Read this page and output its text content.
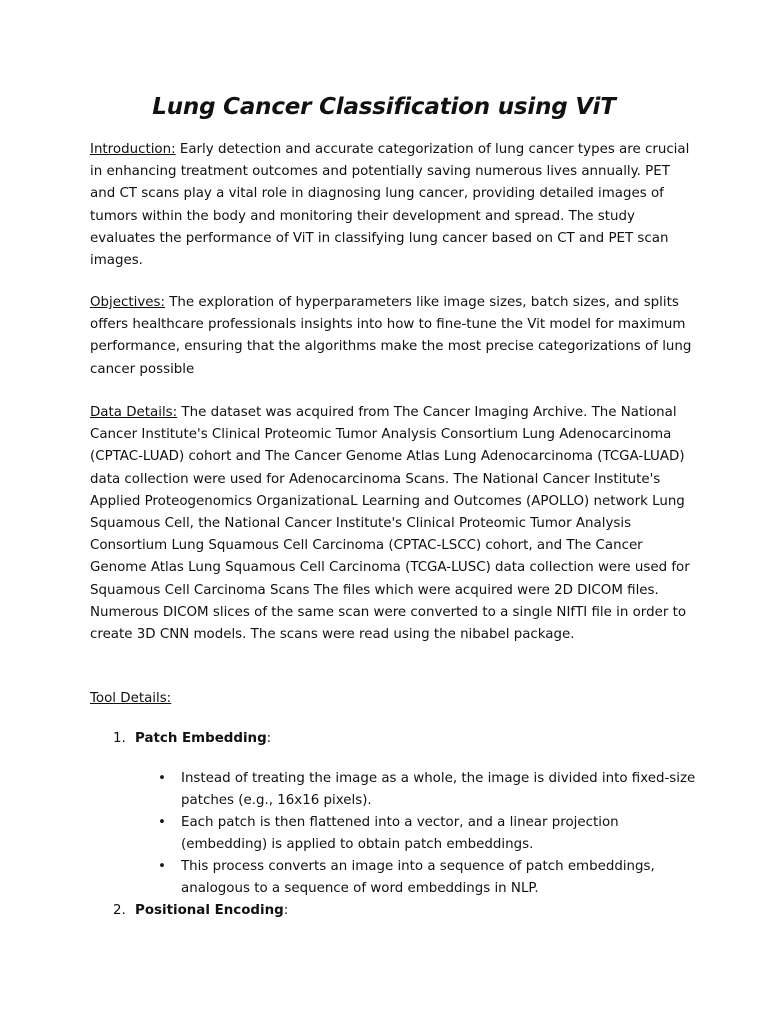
Lung Cancer Classification using ViT
Introduction: Early detection and accurate categorization of lung cancer types are crucial in enhancing treatment outcomes and potentially saving numerous lives annually. PET and CT scans play a vital role in diagnosing lung cancer, providing detailed images of tumors within the body and monitoring their development and spread. The study evaluates the performance of ViT in classifying lung cancer based on CT and PET scan images.
Objectives: The exploration of hyperparameters like image sizes, batch sizes, and splits offers healthcare professionals insights into how to fine-tune the Vit model for maximum performance, ensuring that the algorithms make the most precise categorizations of lung cancer possible
Data Details: The dataset was acquired from The Cancer Imaging Archive. The National Cancer Institute's Clinical Proteomic Tumor Analysis Consortium Lung Adenocarcinoma (CPTAC-LUAD) cohort and The Cancer Genome Atlas Lung Adenocarcinoma (TCGA-LUAD) data collection were used for Adenocarcinoma Scans. The National Cancer Institute's Applied Proteogenomics OrganizationaL Learning and Outcomes (APOLLO) network Lung Squamous Cell, the National Cancer Institute's Clinical Proteomic Tumor Analysis Consortium Lung Squamous Cell Carcinoma (CPTAC-LSCC) cohort, and The Cancer Genome Atlas Lung Squamous Cell Carcinoma (TCGA-LUSC) data collection were used for Squamous Cell Carcinoma Scans The files which were acquired were 2D DICOM files. Numerous DICOM slices of the same scan were converted to a single NIfTI file in order to create 3D CNN models. The scans were read using the nibabel package.
Tool Details:
1. Patch Embedding:
• Instead of treating the image as a whole, the image is divided into fixed-size patches (e.g., 16x16 pixels).
• Each patch is then flattened into a vector, and a linear projection (embedding) is applied to obtain patch embeddings.
• This process converts an image into a sequence of patch embeddings, analogous to a sequence of word embeddings in NLP.
2. Positional Encoding:
